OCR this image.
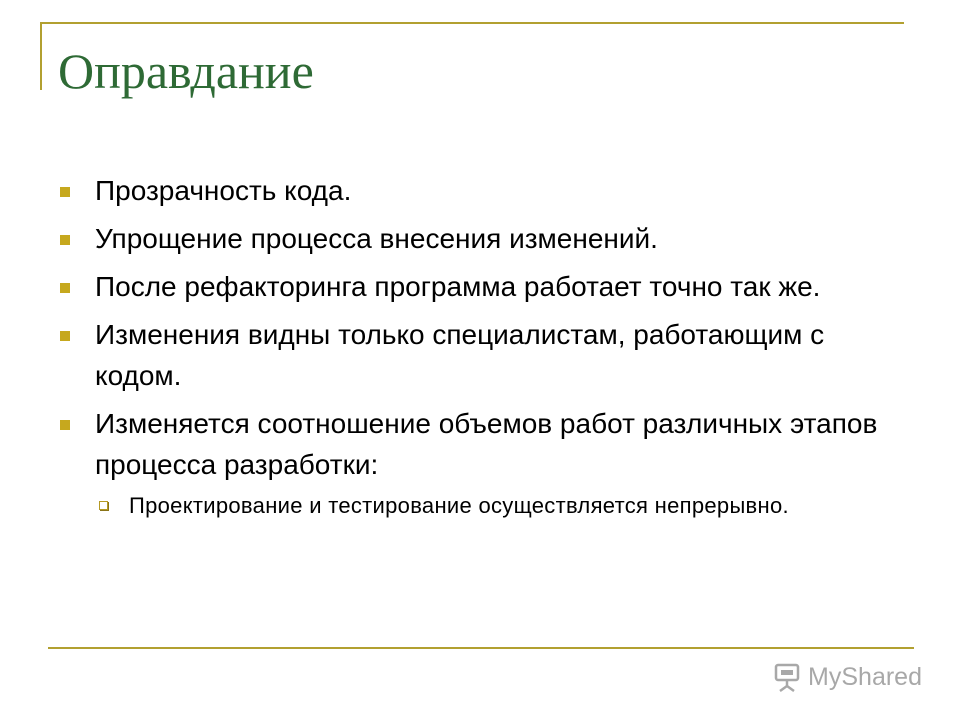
Оправдание
Прозрачность кода.
Упрощение процесса внесения изменений.
После рефакторинга программа работает точно так же.
Изменения видны только специалистам, работающим с кодом.
Изменяется соотношение объемов работ различных этапов процесса разработки:
Проектирование и тестирование осуществляется непрерывно.
MyShared
